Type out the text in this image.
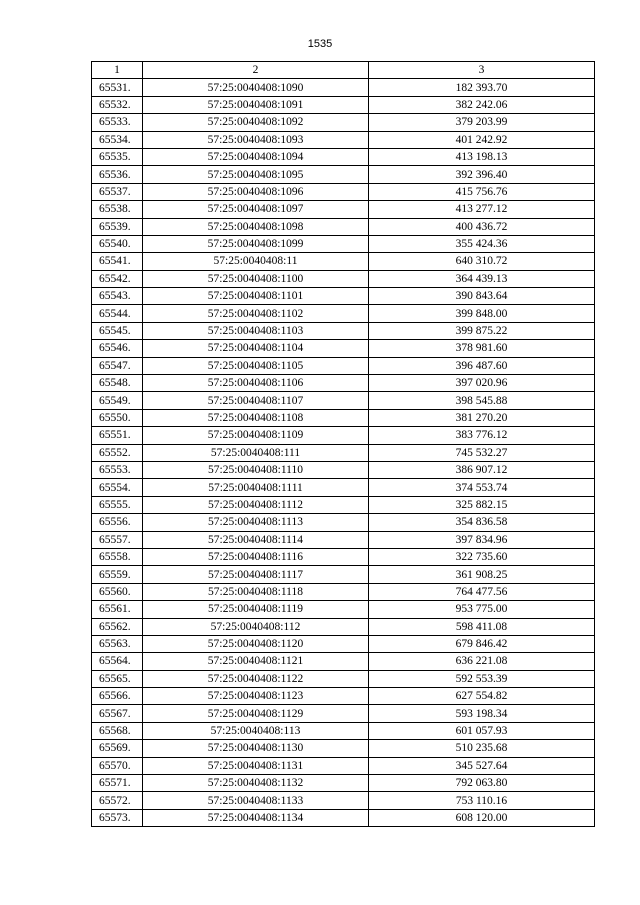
1535
1	2	3
65531.	57:25:0040408:1090	182 393.70
65532.	57:25:0040408:1091	382 242.06
65533.	57:25:0040408:1092	379 203.99
65534.	57:25:0040408:1093	401 242.92
65535.	57:25:0040408:1094	413 198.13
65536.	57:25:0040408:1095	392 396.40
65537.	57:25:0040408:1096	415 756.76
65538.	57:25:0040408:1097	413 277.12
65539.	57:25:0040408:1098	400 436.72
65540.	57:25:0040408:1099	355 424.36
65541.	57:25:0040408:11	640 310.72
65542.	57:25:0040408:1100	364 439.13
65543.	57:25:0040408:1101	390 843.64
65544.	57:25:0040408:1102	399 848.00
65545.	57:25:0040408:1103	399 875.22
65546.	57:25:0040408:1104	378 981.60
65547.	57:25:0040408:1105	396 487.60
65548.	57:25:0040408:1106	397 020.96
65549.	57:25:0040408:1107	398 545.88
65550.	57:25:0040408:1108	381 270.20
65551.	57:25:0040408:1109	383 776.12
65552.	57:25:0040408:111	745 532.27
65553.	57:25:0040408:1110	386 907.12
65554.	57:25:0040408:1111	374 553.74
65555.	57:25:0040408:1112	325 882.15
65556.	57:25:0040408:1113	354 836.58
65557.	57:25:0040408:1114	397 834.96
65558.	57:25:0040408:1116	322 735.60
65559.	57:25:0040408:1117	361 908.25
65560.	57:25:0040408:1118	764 477.56
65561.	57:25:0040408:1119	953 775.00
65562.	57:25:0040408:112	598 411.08
65563.	57:25:0040408:1120	679 846.42
65564.	57:25:0040408:1121	636 221.08
65565.	57:25:0040408:1122	592 553.39
65566.	57:25:0040408:1123	627 554.82
65567.	57:25:0040408:1129	593 198.34
65568.	57:25:0040408:113	601 057.93
65569.	57:25:0040408:1130	510 235.68
65570.	57:25:0040408:1131	345 527.64
65571.	57:25:0040408:1132	792 063.80
65572.	57:25:0040408:1133	753 110.16
65573.	57:25:0040408:1134	608 120.00
